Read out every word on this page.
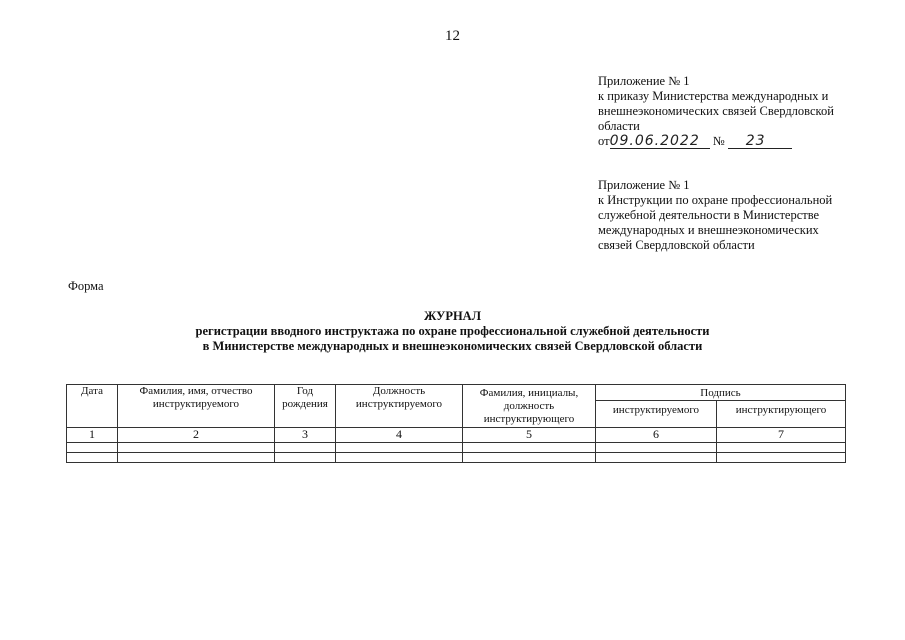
12
Приложение № 1
к приказу Министерства международных и
внешнеэкономических связей Свердловской
области
от09.06.2022 № 23
Приложение № 1
к Инструкции по охране профессиональной
служебной деятельности в Министерстве
международных и внешнеэкономических
связей Свердловской области
Форма
ЖУРНАЛ
регистрации вводного инструктажа по охране профессиональной служебной деятельности
в Министерстве международных и внешнеэкономических связей Свердловской области
Дата	Фамилия, имя, отчество инструктируемого	Год рождения	Должность инструктируемого	Фамилия, инициалы, должность инструктирующего	Подпись	
					инструктируемого	инструктирующего
1	2	3	4	5	6	7
